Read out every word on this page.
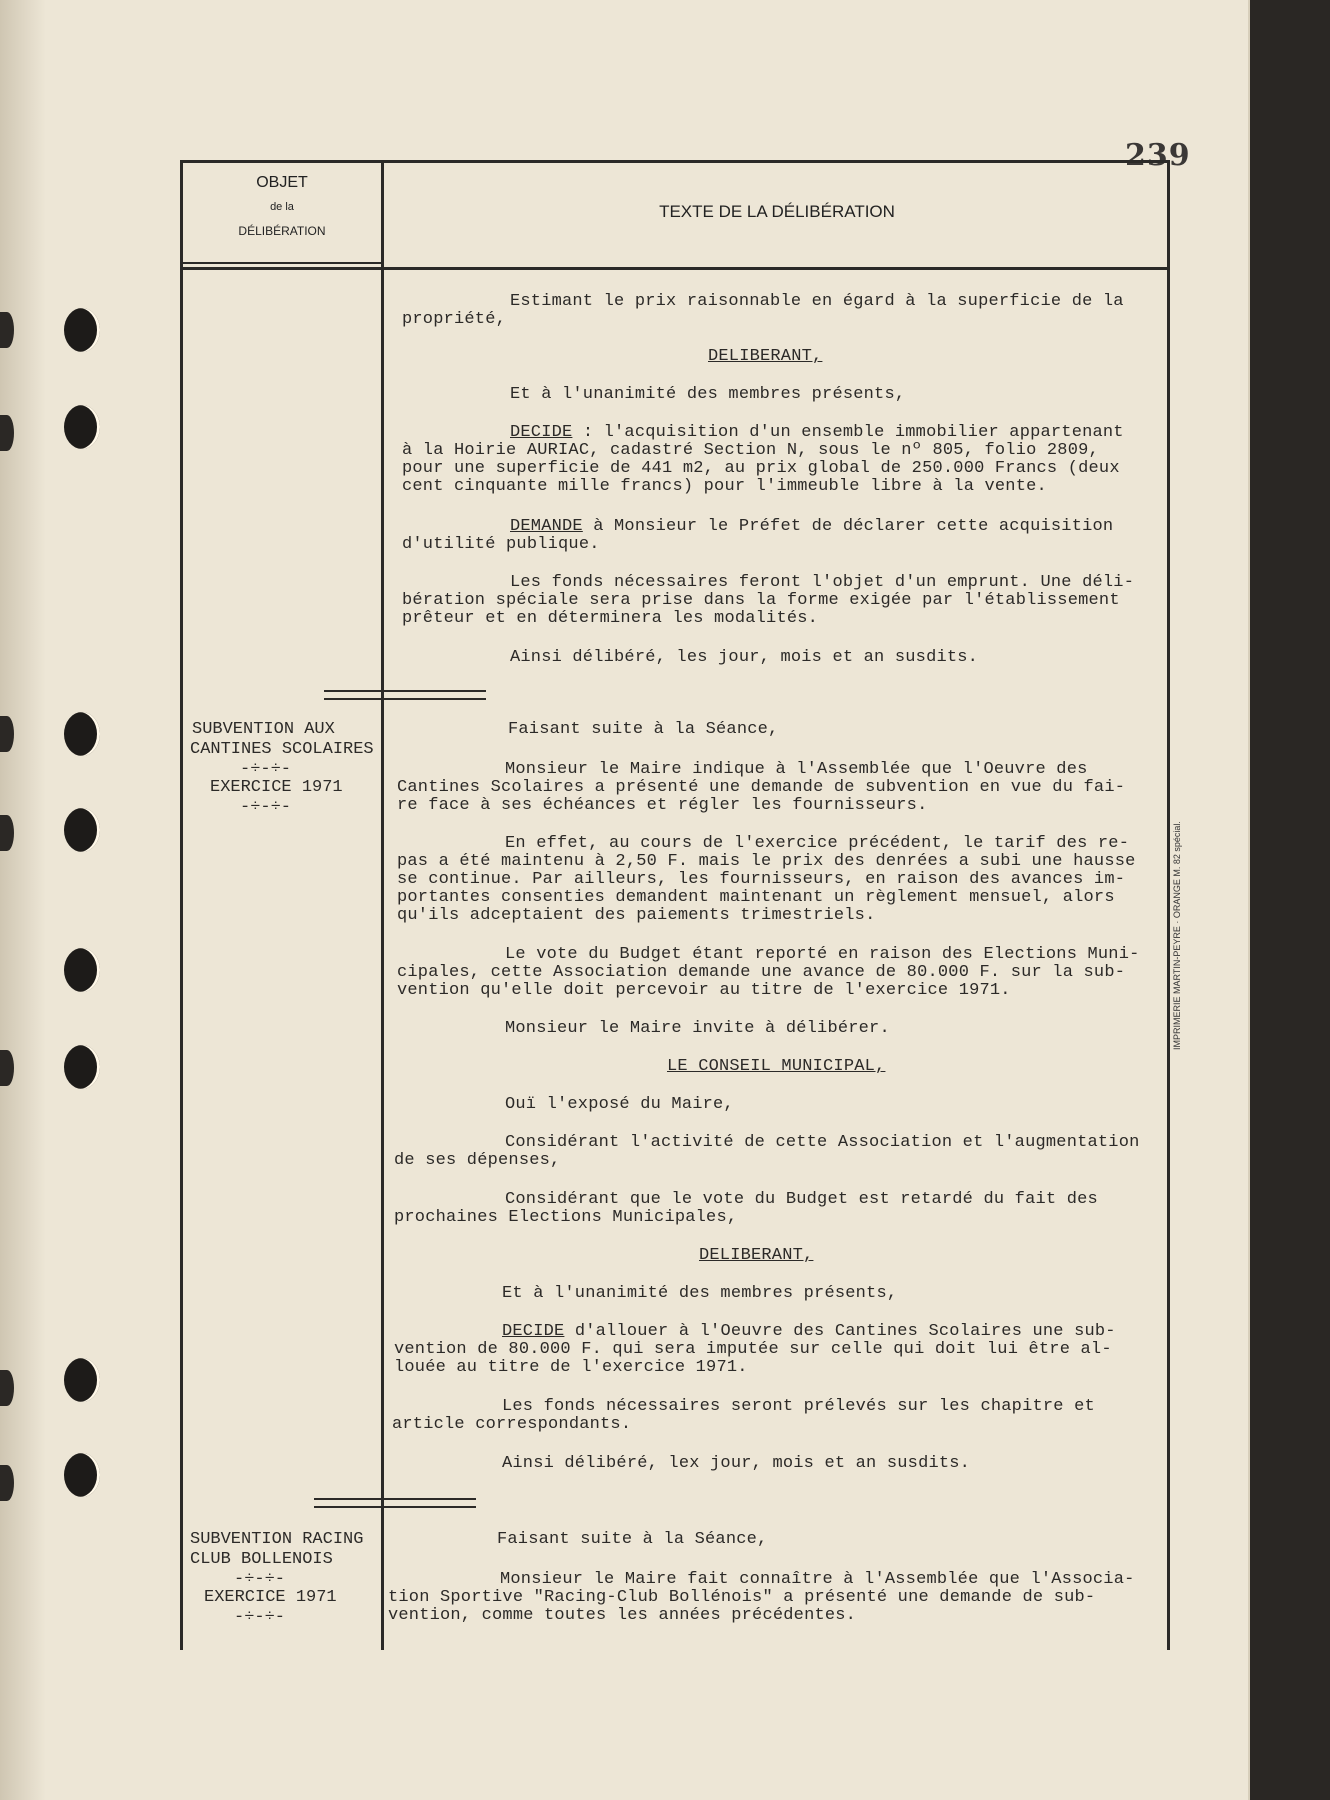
239
OBJET
de la
DÉLIBÉRATION
TEXTE DE LA DÉLIBÉRATION
Estimant le prix raisonnable en égard à la superficie de la
propriété,
DELIBERANT,
Et à l'unanimité des membres présents,
DECIDE : l'acquisition d'un ensemble immobilier appartenant
à la Hoirie AURIAC, cadastré Section N, sous le nº 805, folio 2809,
pour une superficie de 441 m2, au prix global de 250.000 Francs (deux
cent cinquante mille francs) pour l'immeuble libre à la vente.
DEMANDE à Monsieur le Préfet de déclarer cette acquisition
d'utilité publique.
Les fonds nécessaires feront l'objet d'un emprunt. Une déli-
bération spéciale sera prise dans la forme exigée par l'établissement
prêteur et en déterminera les modalités.
Ainsi délibéré, les jour, mois et an susdits.
Faisant suite à la Séance,
Monsieur le Maire indique à l'Assemblée que l'Oeuvre des
Cantines Scolaires a présenté une demande de subvention en vue du fai-
re face à ses échéances et régler les fournisseurs.
En effet, au cours de l'exercice précédent, le tarif des re-
pas a été maintenu à 2,50 F. mais le prix des denrées a subi une hausse
se continue. Par ailleurs, les fournisseurs, en raison des avances im-
portantes consenties demandent maintenant un règlement mensuel, alors
qu'ils adceptaient des paiements trimestriels.
Le vote du Budget étant reporté en raison des Elections Muni-
cipales, cette Association demande une avance de 80.000 F. sur la sub-
vention qu'elle doit percevoir au titre de l'exercice 1971.
Monsieur le Maire invite à délibérer.
LE CONSEIL MUNICIPAL,
Ouï l'exposé du Maire,
Considérant l'activité de cette Association et l'augmentation
de ses dépenses,
Considérant que le vote du Budget est retardé du fait des
prochaines Elections Municipales,
DELIBERANT,
Et à l'unanimité des membres présents,
DECIDE d'allouer à l'Oeuvre des Cantines Scolaires une sub-
vention de 80.000 F. qui sera imputée sur celle qui doit lui être al-
louée au titre de l'exercice 1971.
Les fonds nécessaires seront prélevés sur les chapitre et
article correspondants.
Ainsi délibéré, lex jour, mois et an susdits.
Faisant suite à la Séance,
Monsieur le Maire fait connaître à l'Assemblée que l'Associa-
tion Sportive "Racing-Club Bollénois" a présenté une demande de sub-
vention, comme toutes les années précédentes.
SUBVENTION AUX
CANTINES SCOLAIRES
-÷-÷-
EXERCICE 1971
-÷-÷-
SUBVENTION RACING
CLUB BOLLENOIS
-÷-÷-
EXERCICE 1971
-÷-÷-
IMPRIMERIE MARTIN-PEYRE · ORANGE M. 82 spécial.
